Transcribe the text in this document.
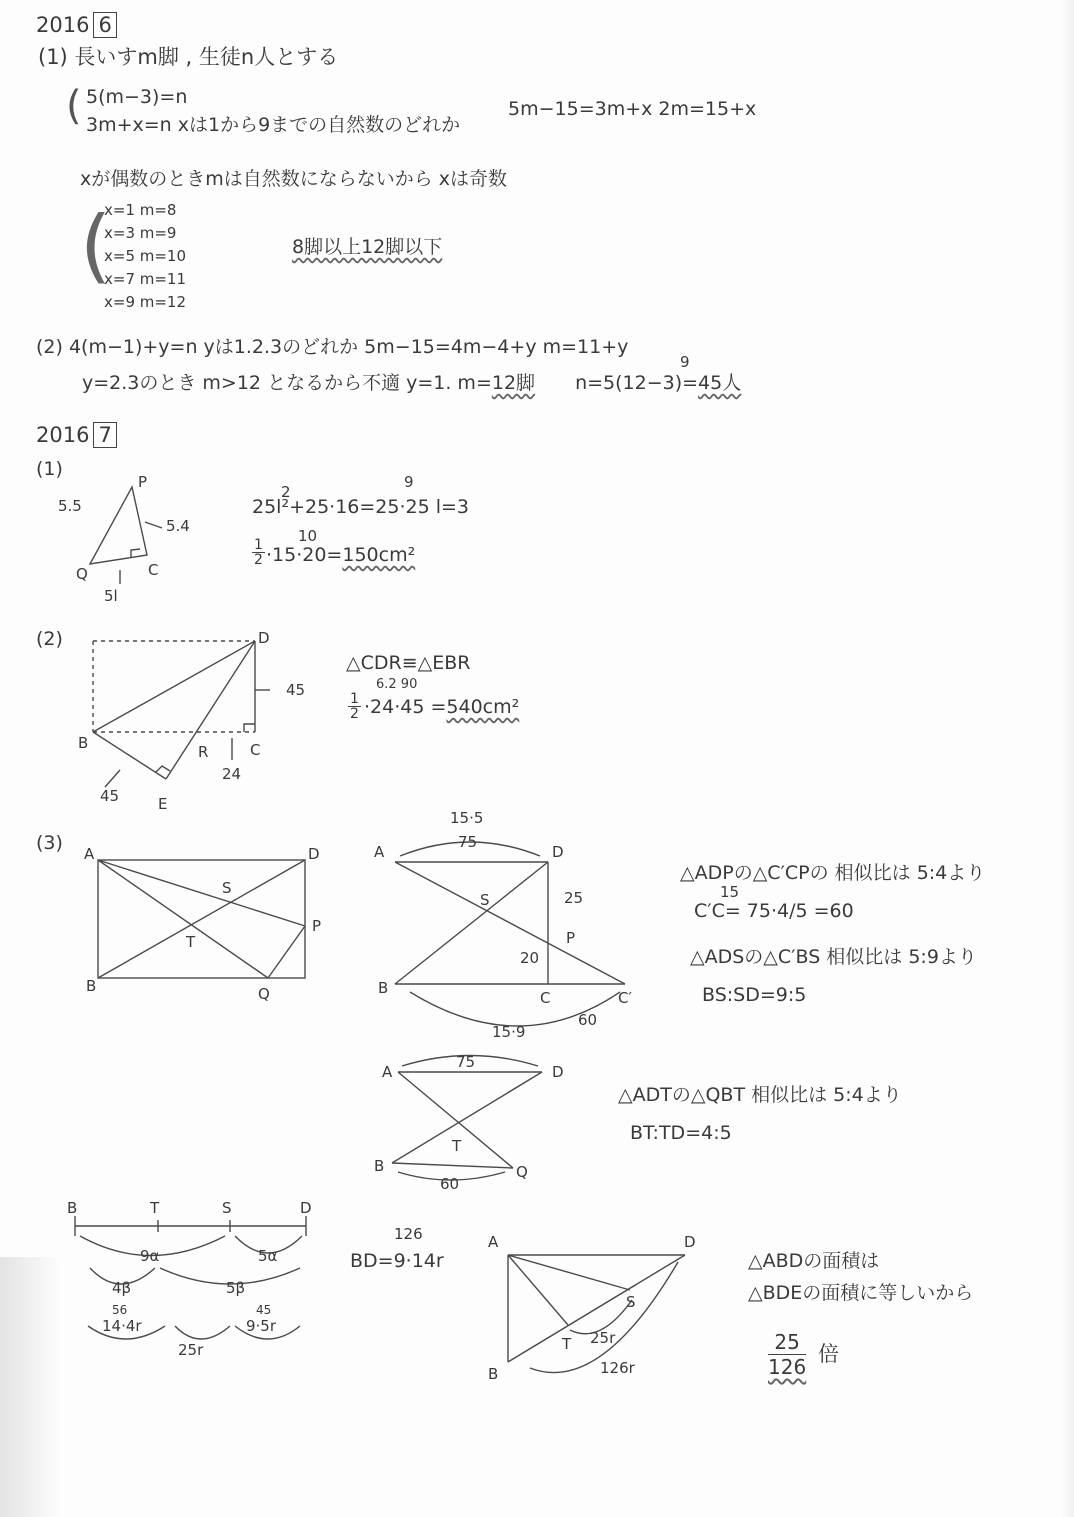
2016 6
(1) 長いすm脚 , 生徒n人とする
( 5(m−3)=n
3m+x=n xは1から9までの自然数のどれか
5m−15=3m+x 2m=15+x
xが偶数のときmは自然数にならないから xは奇数
(
x=1 m=8
x=3 m=9
x=5 m=10
x=7 m=11
x=9 m=12
8脚以上12脚以下
(2) 4(m−1)+y=n yは1.2.3のどれか 5m−15=4m−4+y m=11+y
9
y=2.3のとき m>12 となるから不適 y=1. m=12脚 n=5(12−3)=45人
2016 7
(1)
P
Q	C
5.5
5.4
5l
2
9
25l²+25·16=25·25 l=3
$\frac{1}{2}$
10
·15·20=150cm²
(2)	D
B	R	C
E
45
45
24
△CDR≡△EBR
6.2 90
$\frac{1}{2} \cdot 24\cdot 45 =540cm^2$
(3) A	D
B	Q
P
S
T
A	D
B
C	C′
P
S
15·5
75
25
20
60
15·9
△ADPの△C′CPの 相似比は 5:4より
15
C′C= 75·4/5 =60
△ADSの△C′BS 相似比は 5:9より
BS:SD=9:5
A	D
B	Q
T
75
60
△ADTの△QBT 相似比は 5:4より
BT:TD=4:5
B	T	S	D
9α	5α
4β	5β
56	45
14·4r
25r
9·5r
126
BD=9·14r
A	D
B
S
T 25r
126r
△ABDの面積は
△BDEの面積に等しいから
$\frac{25}{126}$ 倍
